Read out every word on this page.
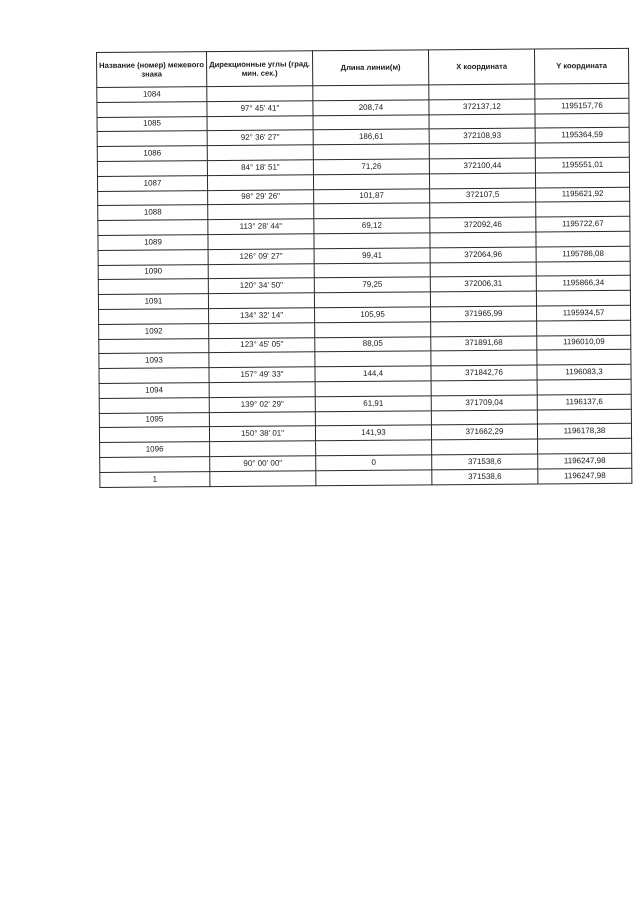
Название (номер) межевого знака	Дирекционные углы (град. мин. сек.)	Длина линии(м)	X координата	Y координата
1084				
	97° 45' 41"	208,74	372137,12	1195157,76
1085				
	92° 36' 27"	186,61	372108,93	1195364,59
1086				
	84° 18' 51"	71,26	372100,44	1195551,01
1087				
	98° 29' 26"	101,87	372107,5	1195621,92
1088				
	113° 28' 44"	69,12	372092,46	1195722,67
1089				
	126° 09' 27"	99,41	372064,96	1195786,08
1090				
	120° 34' 50"	79,25	372006,31	1195866,34
1091				
	134° 32' 14"	105,95	371965,99	1195934,57
1092				
	123° 45' 05"	88,05	371891,68	1196010,09
1093				
	157° 49' 33"	144,4	371842,76	1196083,3
1094				
	139° 02' 29"	61,91	371709,04	1196137,6
1095				
	150° 38' 01"	141,93	371662,29	1196178,38
1096				
	90° 00' 00"	0	371538,6	1196247,98
1			371538,6	1196247,98
